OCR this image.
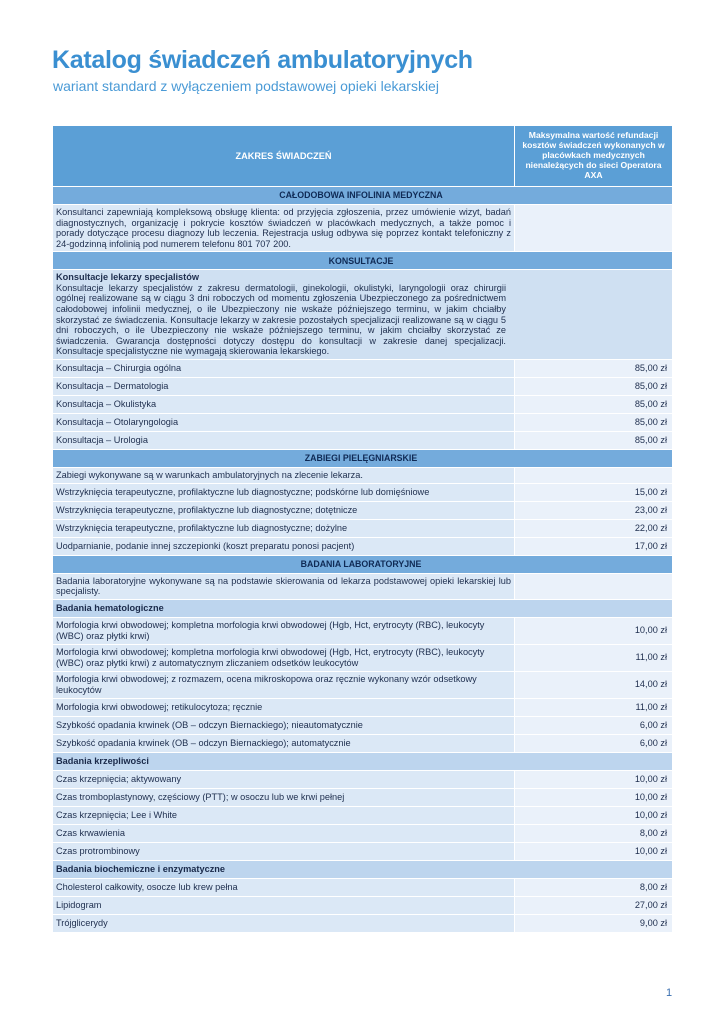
Katalog świadczeń ambulatoryjnych
wariant standard z wyłączeniem podstawowej opieki lekarskiej
ZAKRES ŚWIADCZEŃ	Maksymalna wartość refundacji kosztów świadczeń wykonanych w placówkach medycznych nienależących do sieci Operatora AXA
CAŁODOBOWA INFOLINIA MEDYCZNA	

Konsultanci zapewniają kompleksową obsługę klienta: od przyjęcia zgłoszenia, przez umówienie wizyt, badań diagnostycznych, organizację i pokrycie kosztów świadczeń w placówkach medycznych, a także pomoc i porady dotyczące procesu diagnozy lub leczenia. Rejestracja usług odbywa się poprzez kontakt telefoniczny z 24-godzinną infolinią pod numerem telefonu 801 707 200.	

KONSULTACJE	

Konsultacje lekarzy specjalistów

Konsultacje lekarzy specjalistów z zakresu dermatologii, ginekologii, okulistyki, laryngologii oraz chirurgii ogólnej realizowane są w ciągu 3 dni roboczych od momentu zgłoszenia Ubezpieczonego za pośrednictwem całodobowej infolinii medycznej, o ile Ubezpieczony nie wskaże późniejszego terminu, w jakim chciałby skorzystać ze świadczenia. Konsultacje lekarzy w zakresie pozostałych specjalizacji realizowane są w ciągu 5 dni roboczych, o ile Ubezpieczony nie wskaże późniejszego terminu, w jakim chciałby skorzystać ze świadczenia. Gwarancja dostępności dotyczy dostępu do konsultacji w zakresie danej specjalizacji. Konsultacje specjalistyczne nie wymagają skierowania lekarskiego.	

Konsultacja – Chirurgia ogólna	85,00 zł
Konsultacja – Dermatologia	85,00 zł
Konsultacja – Okulistyka	85,00 zł
Konsultacja – Otolaryngologia	85,00 zł
Konsultacja – Urologia	85,00 zł
ZABIEGI PIELĘGNIARSKIE	

Zabiegi wykonywane są w warunkach ambulatoryjnych na zlecenie lekarza.	

Wstrzyknięcia terapeutyczne, profilaktyczne lub diagnostyczne; podskórne lub domięśniowe	15,00 zł
Wstrzyknięcia terapeutyczne, profilaktyczne lub diagnostyczne; dotętnicze	23,00 zł
Wstrzyknięcia terapeutyczne, profilaktyczne lub diagnostyczne; dożylne	22,00 zł
Uodparnianie, podanie innej szczepionki (koszt preparatu ponosi pacjent)	17,00 zł
BADANIA LABORATORYJNE	

Badania laboratoryjne wykonywane są na podstawie skierowania od lekarza podstawowej opieki lekarskiej lub specjalisty.	

Badania hematologiczne	
Morfologia krwi obwodowej; kompletna morfologia krwi obwodowej (Hgb, Hct, erytrocyty (RBC), leukocyty (WBC) oraz płytki krwi)	10,00 zł
Morfologia krwi obwodowej; kompletna morfologia krwi obwodowej (Hgb, Hct, erytrocyty (RBC), leukocyty (WBC) oraz płytki krwi) z automatycznym zliczaniem odsetków leukocytów	11,00 zł
Morfologia krwi obwodowej; z rozmazem, ocena mikroskopowa oraz ręcznie wykonany wzór odsetkowy leukocytów	14,00 zł
Morfologia krwi obwodowej; retikulocytoza; ręcznie	11,00 zł
Szybkość opadania krwinek (OB – odczyn Biernackiego); nieautomatycznie	6,00 zł
Szybkość opadania krwinek (OB – odczyn Biernackiego); automatycznie	6,00 zł
Badania krzepliwości	
Czas krzepnięcia; aktywowany	10,00 zł
Czas tromboplastynowy, częściowy (PTT); w osoczu lub we krwi pełnej	10,00 zł
Czas krzepnięcia; Lee i White	10,00 zł
Czas krwawienia	8,00 zł
Czas protrombinowy	10,00 zł
Badania biochemiczne i enzymatyczne	
Cholesterol całkowity, osocze lub krew pełna	8,00 zł
Lipidogram	27,00 zł
Trójglicerydy	9,00 zł
1
